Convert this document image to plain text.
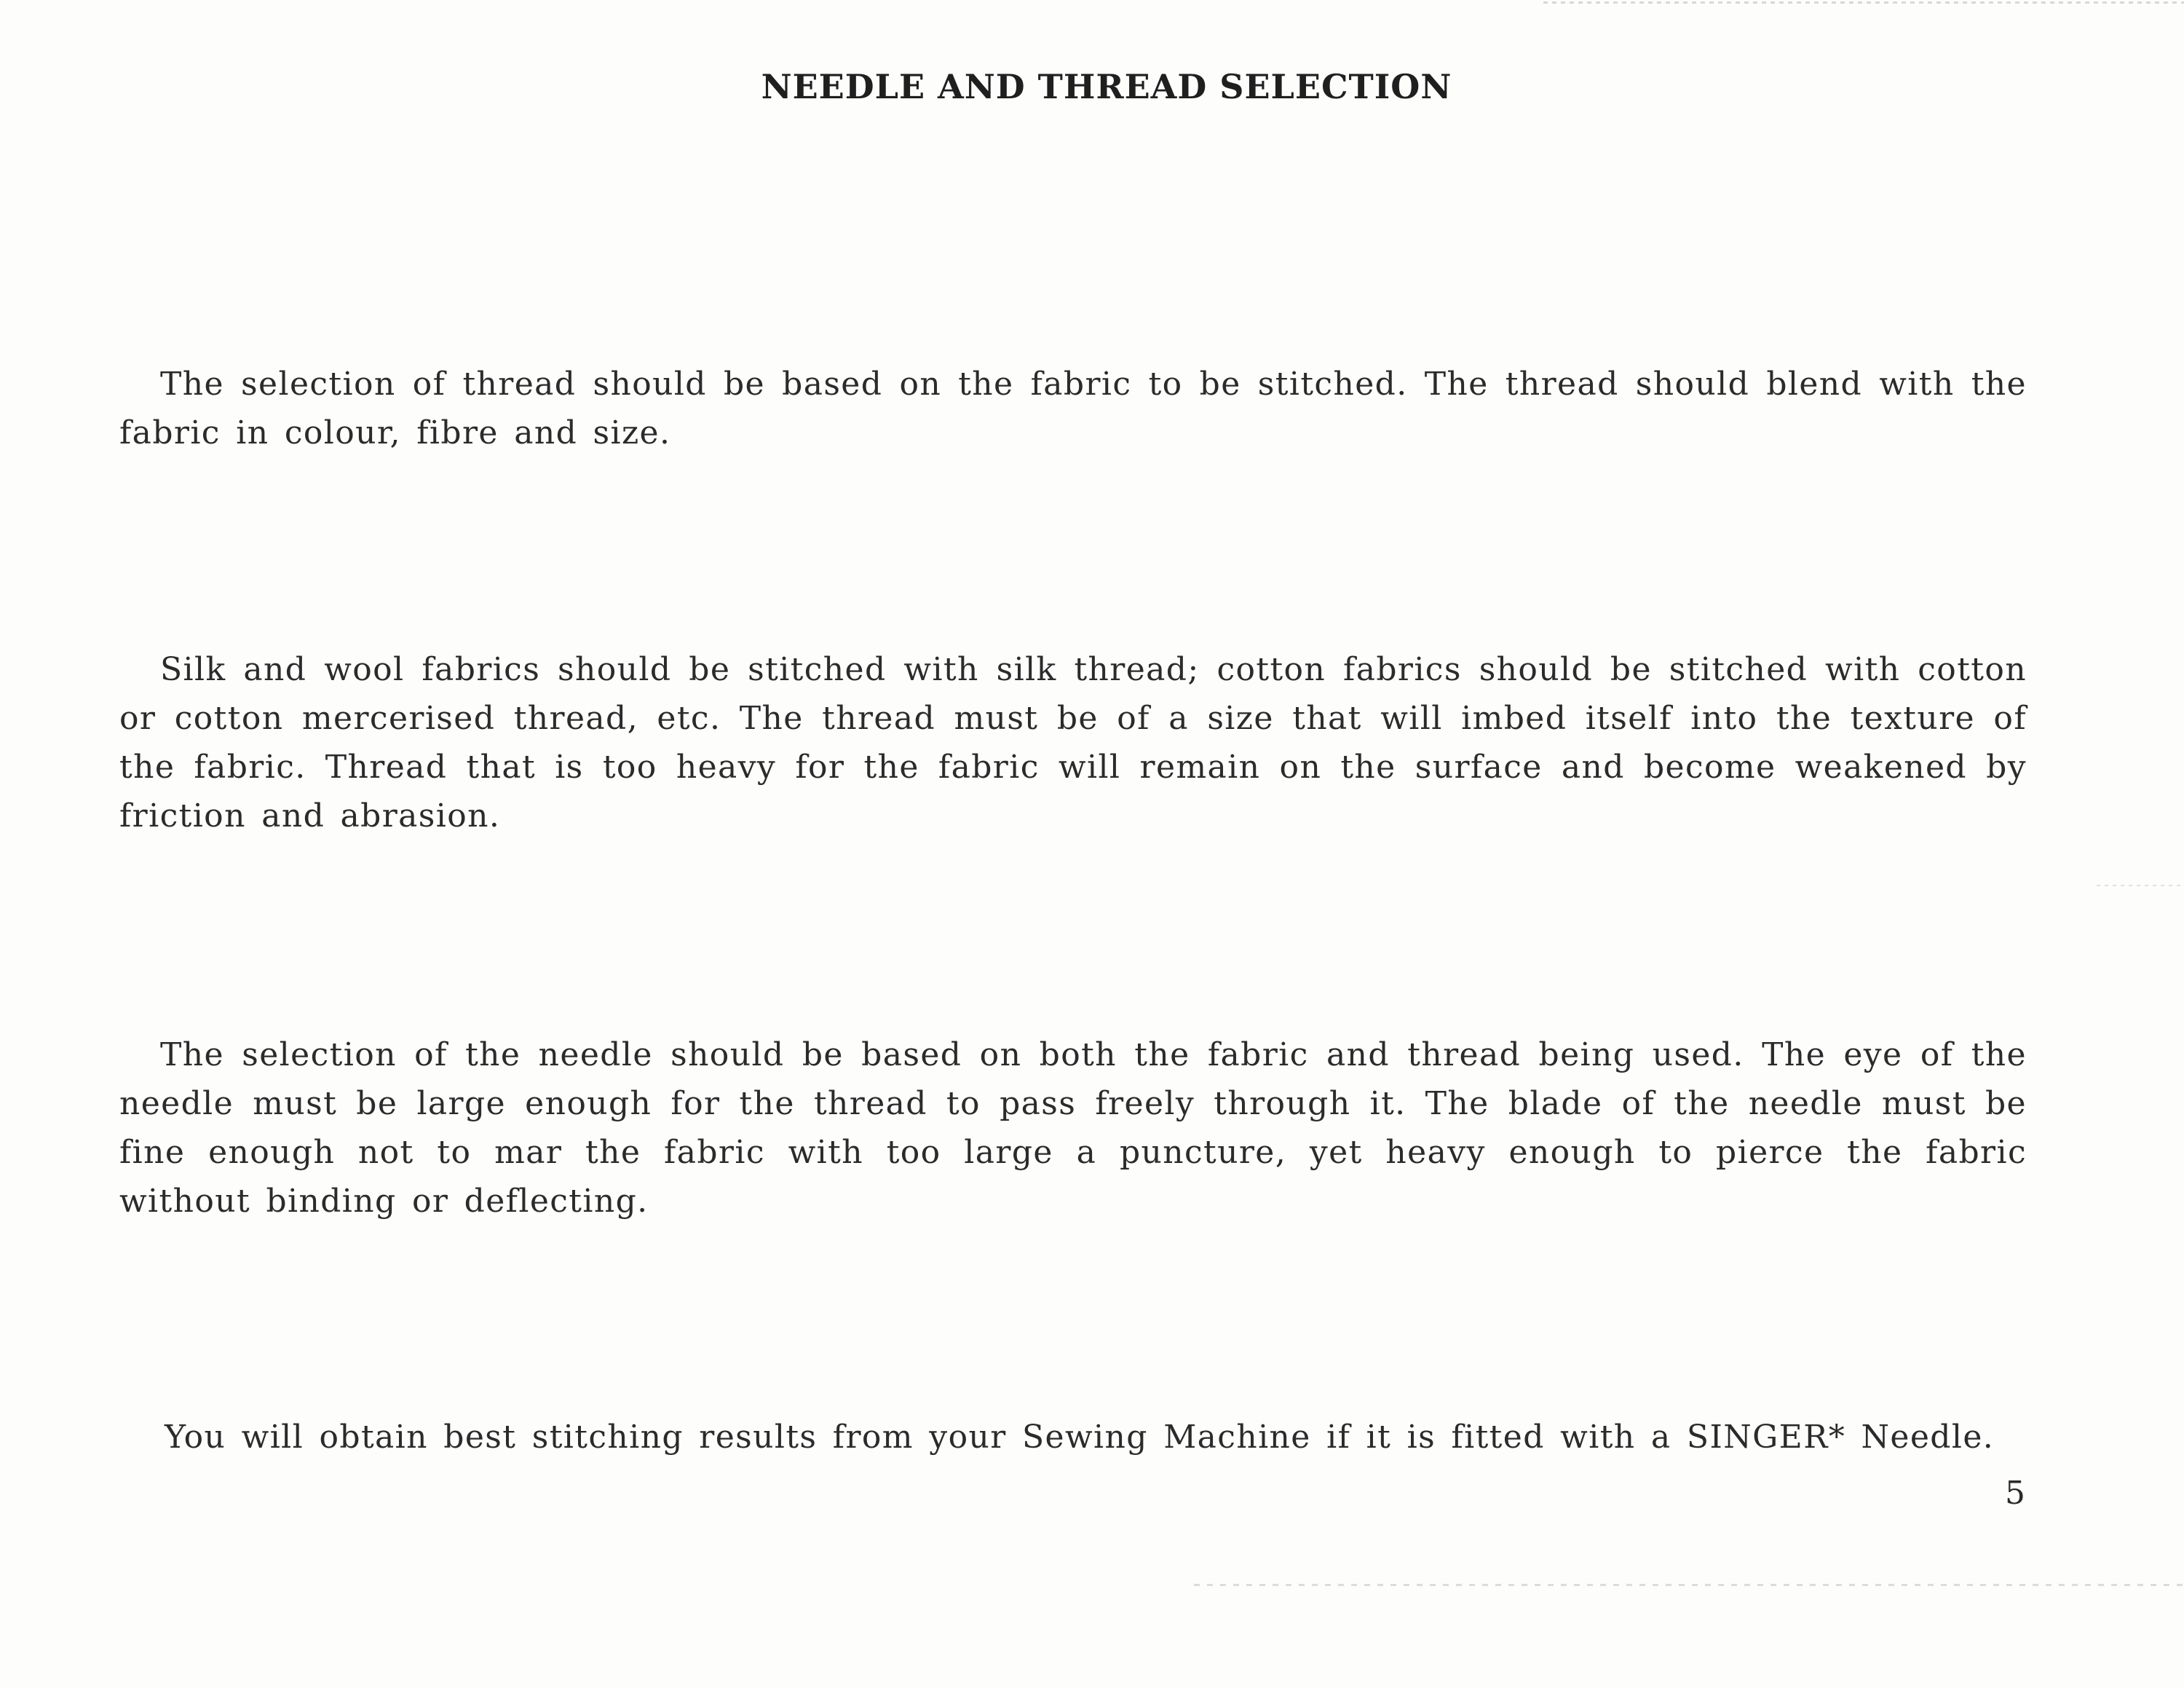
NEEDLE AND THREAD SELECTION
The selection of thread should be based on the fabric to be stitched. The thread should blend with the fabric in colour, fibre and size.
Silk and wool fabrics should be stitched with silk thread; cotton fabrics should be stitched with cotton or cotton mercerised thread, etc. The thread must be of a size that will imbed itself into the texture of the fabric. Thread that is too heavy for the fabric will remain on the surface and become weakened by friction and abrasion.
The selection of the needle should be based on both the fabric and thread being used. The eye of the needle must be large enough for the thread to pass freely through it. The blade of the needle must be fine enough not to mar the fabric with too large a puncture, yet heavy enough to pierce the fabric without binding or deflecting.
You will obtain best stitching results from your Sewing Machine if it is fitted with a SINGER* Needle.
5
